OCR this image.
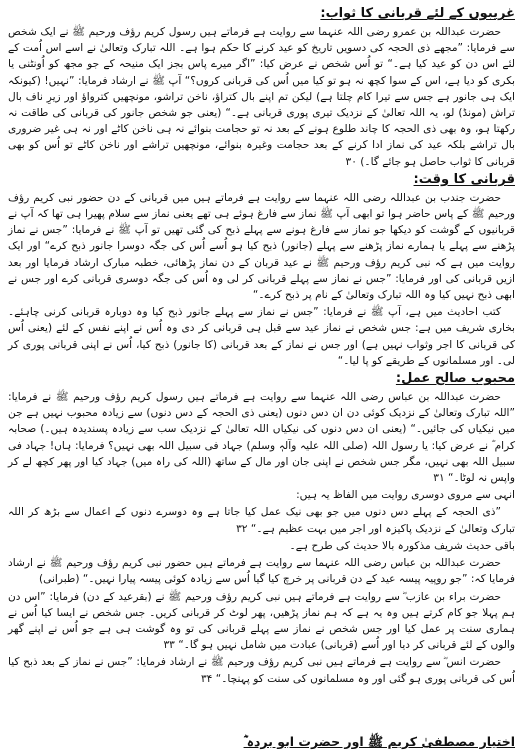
غریبوں کے لئے قربانی کا ثواب:

حضرت عبداللہ بن عمرو رضی اللہ عنہما سے روایت ہے فرماتے ہیں رسول کریم رؤف ورحیم ﷺ نے ایک شخص سے فرمایا: ”مجھے ذی الحجہ کی دسویں تاریخ کو عید کرنے کا حکم ہوا ہے۔ اللہ تبارک وتعالیٰ نے اسے اس اُمت کے لئے اس دن کو عید کیا ہے۔“ تو اُس شخص نے عرض کیا: ”اگر میرے پاس بجز ایک منیحہ کے جو مجھ کو اُونٹنی یا بکری کو دیا ہے، اس کے سوا کچھ نہ ہو تو کیا میں اُس کی قربانی کروں؟“ آپ ﷺ نے ارشاد فرمایا: ”نہیں! (کیونکہ ایک ہی جانور ہے جس سے تیرا کام چلتا ہے) لیکن تم اپنے بال کتراؤ، ناخن تراشو، مونچھیں کترواؤ اور زیرِ ناف بال تراش (مونڈ) لو، یہ اللہ تعالیٰ کے نزدیک تیری پوری قربانی ہے۔“ (یعنی جو شخص جانور کی قربانی کی طاقت نہ رکھتا ہو، وہ بھی ذی الحجہ کا چاند طلوع ہونے کے بعد نہ تو حجامت بنوائے نہ ہی ناخن کاٹے اور نہ ہی غیر ضروری بال تراشے بلکہ عید کی نماز ادا کرنے کے بعد حجامت وغیرہ بنوائے، مونچھیں تراشے اور ناخن کاٹے تو اُس کو بھی قربانی کا ثواب حاصل ہو جائے گا۔) ۳۰

قربانی کا وقت:

حضرت جندب بن عبداللہ رضی اللہ عنہما سے روایت ہے فرماتے ہیں میں قربانی کے دن حضور نبی کریم رؤف ورحیم ﷺ کے پاس حاضر ہوا تو ابھی آپ ﷺ نماز سے فارغ ہوئے ہی تھے یعنی نماز سے سلام پھیرا ہی تھا کہ آپ نے قربانیوں کے گوشت کو دیکھا جو نماز سے فارغ ہونے سے پہلے ذبح کی گئی تھیں تو آپ ﷺ نے فرمایا: ”جس نے نماز پڑھنے سے پہلے یا ہمارے نماز پڑھنے سے پہلے (جانور) ذبح کیا ہو اُسے اُس کی جگہ دوسرا جانور ذبح کرے“ اور ایک روایت میں ہے کہ نبی کریم رؤف ورحیم ﷺ نے عید قربان کے دن نماز پڑھائی، خطبہ مبارک ارشاد فرمایا اور بعد ازیں قربانی کی اور فرمایا: ”جس نے نماز سے پہلے قربانی کر لی وہ اُس کی جگہ دوسری قربانی کرے اور جس نے ابھی ذبح نہیں کیا وہ اللہ تبارک وتعالیٰ کے نام پر ذبح کرے۔“

کتب احادیث میں ہے، آپ ﷺ نے فرمایا: ”جس نے نماز سے پہلے جانور ذبح کیا وہ دوبارہ قربانی کرنی چاہئے۔ بخاری شریف میں ہے: جس شخص نے نماز عید سے قبل ہی قربانی کر دی وہ اُس نے اپنے نفس کے لئے (یعنی اُس کی قربانی کا اجر وثواب نہیں ہے) اور جس نے نماز کے بعد قربانی (کا جانور) ذبح کیا، اُس نے اپنی قربانی پوری کر لی۔ اور مسلمانوں کے طریقے کو پا لیا۔“

محبوب صالح عمل:

حضرت عبداللہ بن عباس رضی اللہ عنہما سے روایت ہے فرماتے ہیں رسول کریم رؤف ورحیم ﷺ نے فرمایا: ”اللہ تبارک وتعالیٰ کے نزدیک کوئی دن ان دس دنوں (یعنی ذی الحجہ کے دس دنوں) سے زیادہ محبوب نہیں ہے جن میں نیکیاں کی جائیں۔“ (یعنی ان دس دنوں کی نیکیاں اللہ تعالیٰ کے نزدیک سب سے زیادہ پسندیدہ ہیں۔) صحابہ کرام ؓ نے عرض کیا: یا رسول اللہ (صلی اللہ علیہ وآلہٖ وسلم) جہاد فی سبیل اللہ بھی نہیں؟ فرمایا: ہاں! جہاد فی سبیل اللہ بھی نہیں، مگر جس شخص نے اپنی جان اور مال کے ساتھ (اللہ کی راہ میں) جہاد کیا اور پھر کچھ لے کر واپس نہ لوٹا۔“ ۳۱

انہی سے مروی دوسری روایت میں الفاظ یہ ہیں:

”ذی الحجہ کے پہلے دس دنوں میں جو بھی نیک عمل کیا جاتا ہے وہ دوسرے دنوں کے اعمال سے بڑھ کر اللہ تبارک وتعالیٰ کے نزدیک پاکیزہ اور اجر میں بہت عظیم ہے۔“ ۳۲

باقی حدیث شریف مذکورہ بالا حدیث کی طرح ہے۔

حضرت عبداللہ بن عباس رضی اللہ عنہما سے روایت ہے فرماتے ہیں حضور نبی کریم رؤف ورحیم ﷺ نے ارشاد فرمایا کہ: ”جو روپیہ پیسہ عید کے دن قربانی پر خرچ کیا گیا اُس سے زیادہ کوئی پیسہ پیارا نہیں۔“ (طبرانی)

حضرت براء بن عازب ؓ سے روایت ہے فرماتے ہیں نبی کریم رؤف ورحیم ﷺ نے (بقرعید کے دن) فرمایا: ”اس دن ہم پہلا جو کام کرتے ہیں وہ یہ ہے کہ ہم نماز پڑھیں، پھر لوٹ کر قربانی کریں۔ جس شخص نے ایسا کیا اُس نے ہماری سنت پر عمل کیا اور جس شخص نے نماز سے پہلے قربانی کی تو وہ گوشت ہی ہے جو اُس نے اپنے گھر والوں کے لئے قربانی کر دیا اور اُسے (قربانی) عبادت میں شامل نہیں ہو گا۔“ ۳۳

حضرت انس ؓ سے روایت ہے فرماتے ہیں نبی کریم رؤف ورحیم ﷺ نے ارشاد فرمایا: ”جس نے نماز کے بعد ذبح کیا اُس کی قربانی پوری ہو گئی اور وہ مسلمانوں کی سنت کو پہنچا۔“ ۳۴

اختیار مصطفیٰ کریم ﷺ اور حضرت ابو بردہ ؓ
